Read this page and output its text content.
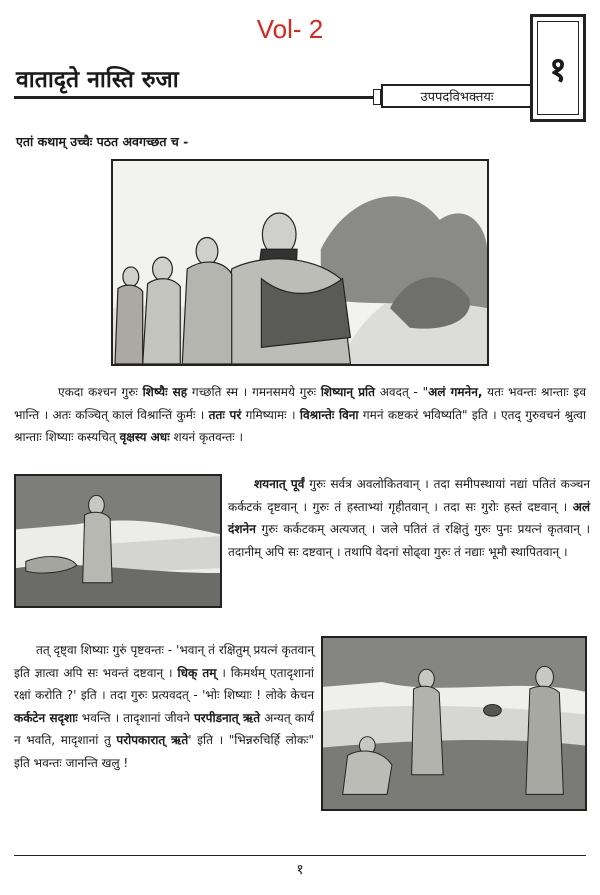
Vol- 2
वातादृते नास्ति रुजा
उपपदविभक्तयः
१
एतां कथाम् उच्चैः पठत अवगच्छत च -

एकदा कश्चन गुरुः शिष्यैः सह गच्छति स्म । गमनसमये गुरुः शिष्यान् प्रति अवदत् - "अलं गमनेन, यतः भवन्तः श्रान्ताः इव भान्ति । अतः कञ्चित् कालं विश्रान्तिं कुर्मः । ततः परं गमिष्यामः । विश्रान्तेः विना गमनं कष्टकरं भविष्यति" इति । एतद् गुरुवचनं श्रुत्वा श्रान्ताः शिष्याः कस्यचित् वृक्षस्य अधः शयनं कृतवन्तः ।

शयनात् पूर्वं गुरुः सर्वत्र अवलोकितवान् । तदा समीपस्थायां नद्यां पतितं कञ्चन कर्कटकं दृष्टवान् । गुरुः तं हस्ताभ्यां गृहीतवान् । तदा सः गुरोः हस्तं दष्टवान् । अलं दंशनेन गुरुः कर्कटकम् अत्यजत् । जले पतितं तं रक्षितुं गुरुः पुनः प्रयत्नं कृतवान् । तदानीम् अपि सः दष्टवान् । तथापि वेदनां सोढ्वा गुरुः तं नद्याः भूमौ स्थापितवान् ।

तत् दृष्ट्वा शिष्याः गुरुं पृष्टवन्तः - 'भवान् तं रक्षितुम् प्रयत्नं कृतवान् इति ज्ञात्वा अपि सः भवन्तं दष्टवान् । धिक् तम् । किमर्थम् एतादृशानां रक्षां करोति ?' इति । तदा गुरुः प्रत्यवदत् - 'भोः शिष्याः ! लोके केचन कर्कटेन सदृशाः भवन्ति । तादृशानां जीवने परपीडनात् ऋते अन्यत् कार्यं न भवति, मादृशानां तु परोपकारात् ऋते' इति । "भिन्नरुचिर्हि लोकः" इति भवन्तः जानन्ति खलु !

१
